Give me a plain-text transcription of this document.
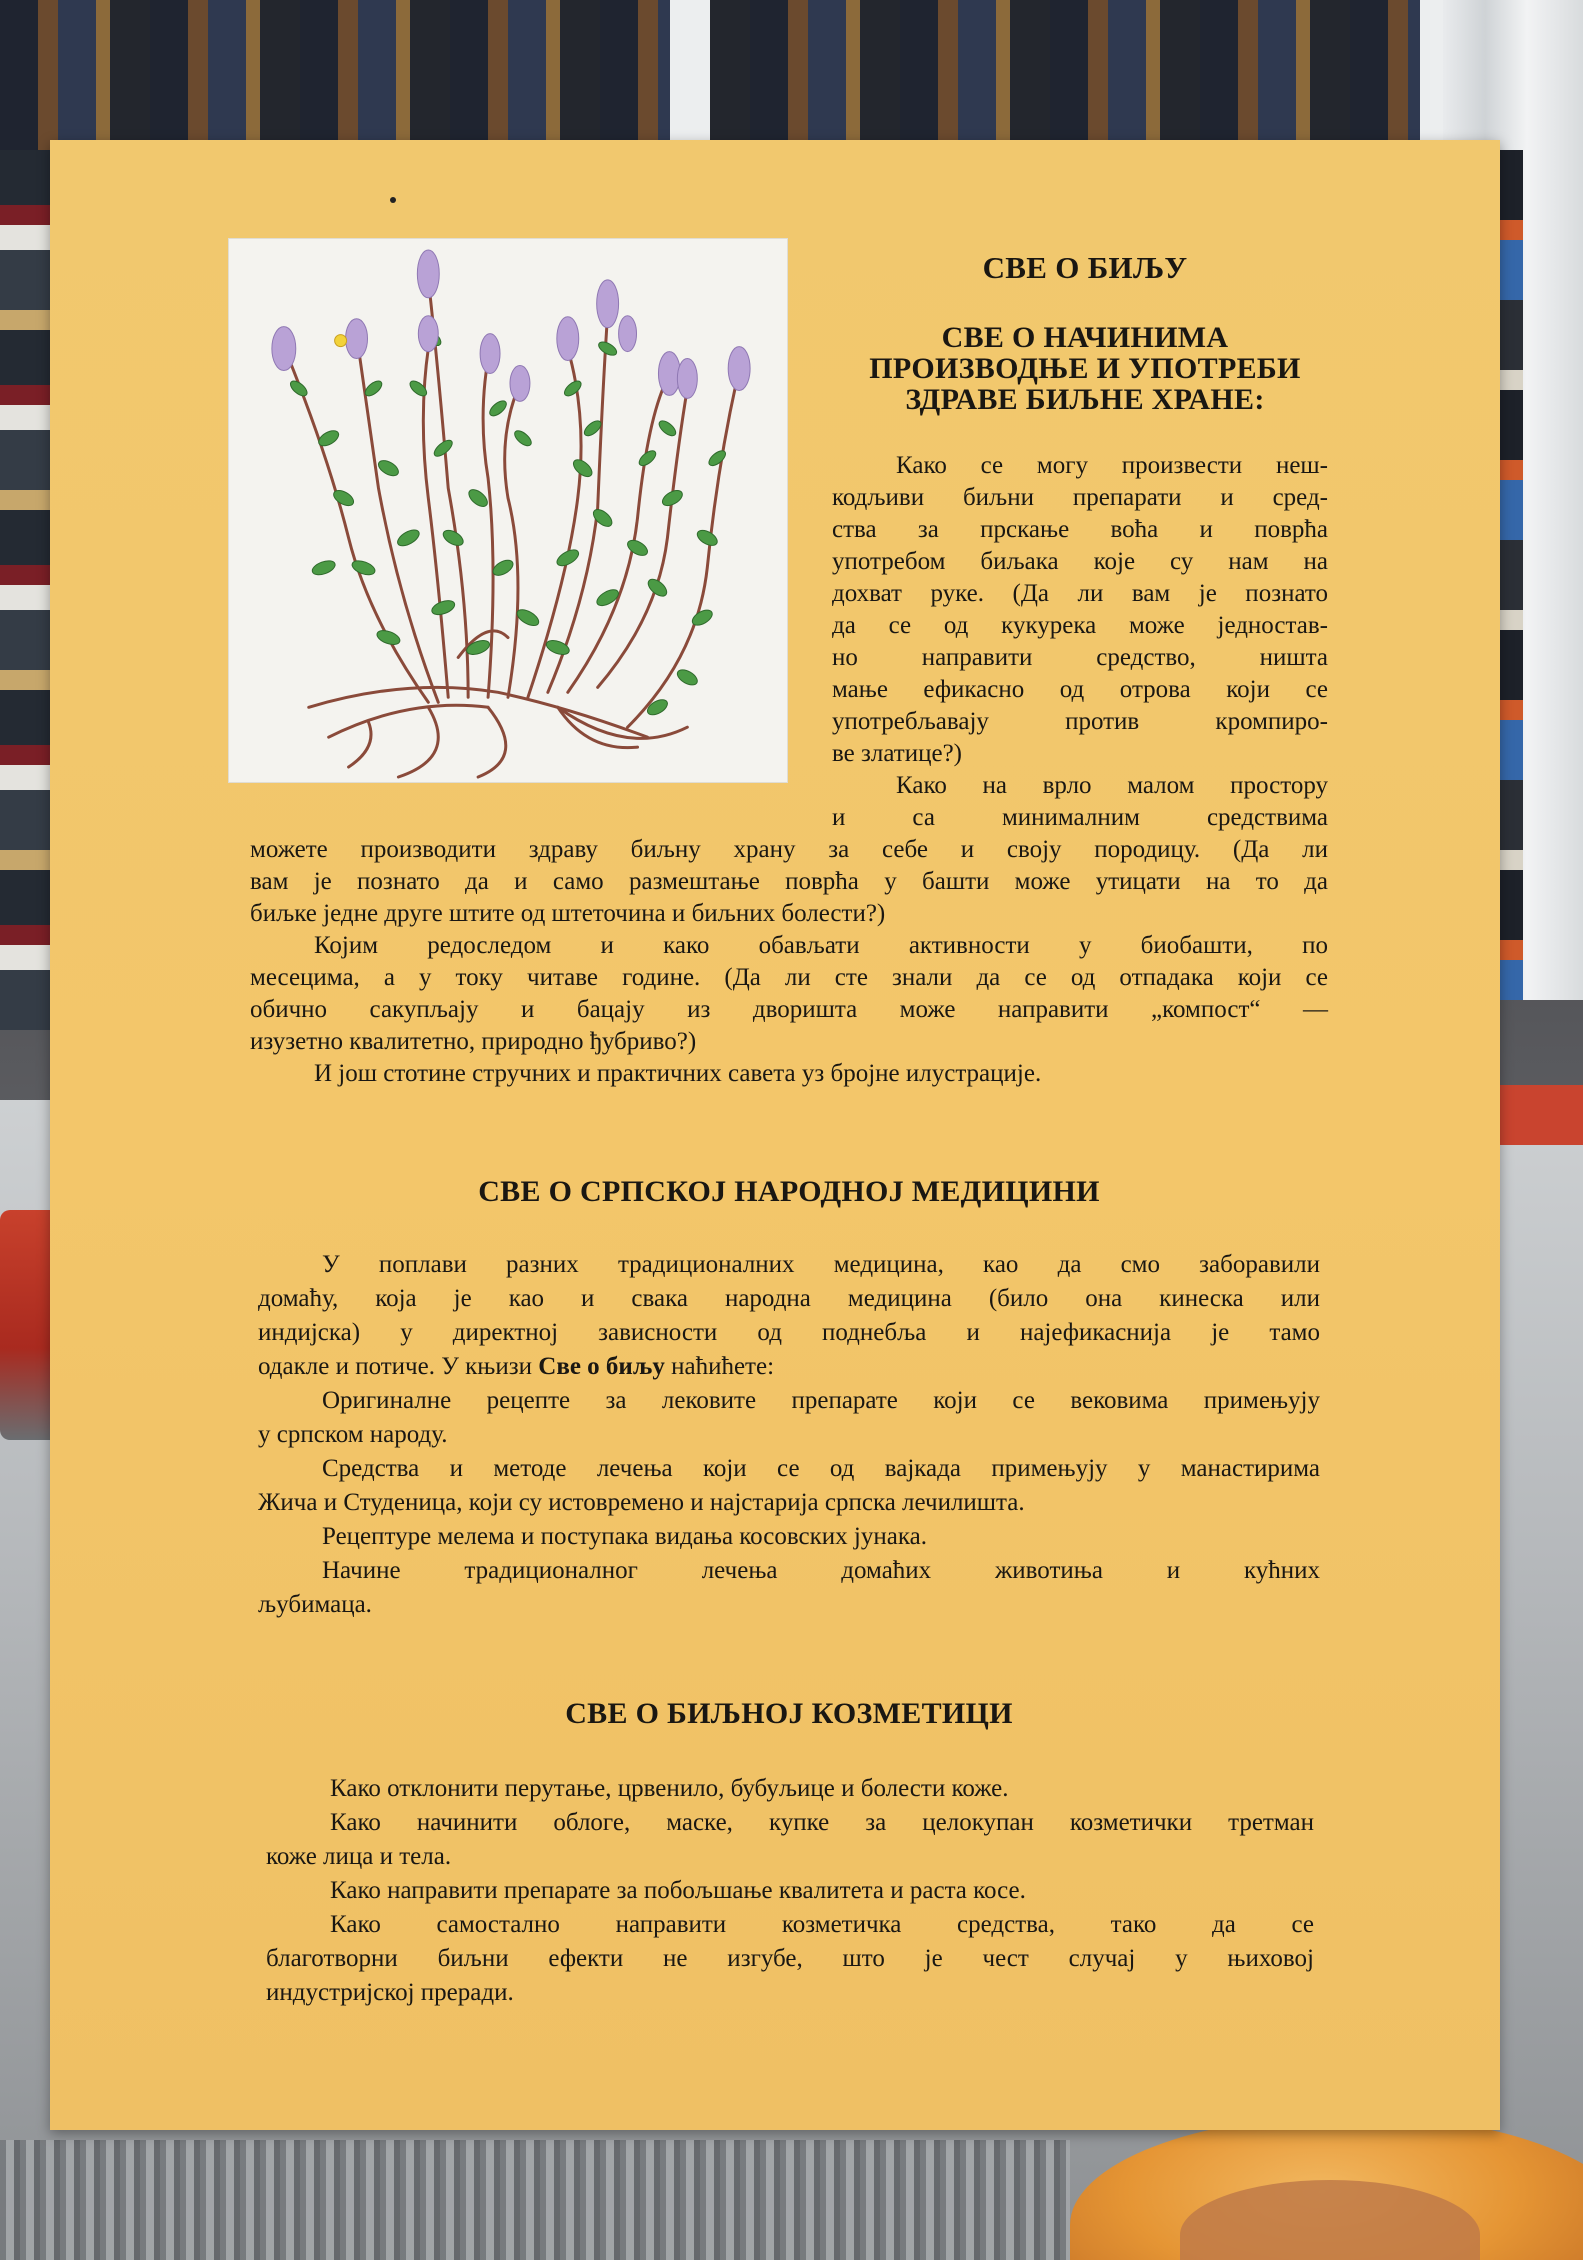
СВЕ О БИЉУ
СВЕ О НАЧИНИМА
ПРОИЗВОДЊЕ И УПОТРЕБИ
ЗДРАВЕ БИЉНЕ ХРАНЕ:
Како се могу произвести неш-
кодљиви биљни препарати и сред-
ства за прскање воћа и поврћа
употребом биљака које су нам на
дохват руке. (Да ли вам је познато
да се од кукурека може једностав-
но направити средство, ништа
мање ефикасно од отрова који се
употребљавају против кромпиро-
ве златице?)
Како на врло малом простору
и са минималним средствима
можете производити здраву биљну храну за себе и своју породицу. (Да ли
вам је познато да и само размештање поврћа у башти може утицати на то да
биљке једне друге штите од штеточина и биљних болести?)
Којим редоследом и како обављати активности у биобашти, по
месецима, а у току читаве године. (Да ли сте знали да се од отпадака који се
обично сакупљају и бацају из дворишта може направити „компост“ —
изузетно квалитетно, природно ђубриво?)
И још стотине стручних и практичних савета уз бројне илустрације.
СВЕ О СРПСКОЈ НАРОДНОЈ МЕДИЦИНИ
У поплави разних традиционалних медицина, као да смо заборавили
домаћу, која је као и свака народна медицина (било она кинеска или
индијска) у директној зависности од поднебља и најефикаснија је тамо
одакле и потиче. У књизи Све о биљу наћићете:
Оригиналне рецепте за лековите препарате који се вековима примењују
у српском народу.
Средства и методе лечења који се од вајкада примењују у манастирима
Жича и Студеница, који су истовремено и најстарија српска лечилишта.
Рецептуре мелема и поступака видања косовских јунака.
Начине традиционалног лечења домаћих животиња и кућних
љубимаца.
СВЕ О БИЉНОЈ КОЗМЕТИЦИ
Како отклонити перутање, црвенило, бубуљице и болести коже.
Како начинити облоге, маске, купке за целокупан козметички третман
коже лица и тела.
Како направити препарате за побољшање квалитета и раста косе.
Како самостално направити козметичка средства, тако да се
благотворни биљни ефекти не изгубе, што је чест случај у њиховој
индустријској преради.
